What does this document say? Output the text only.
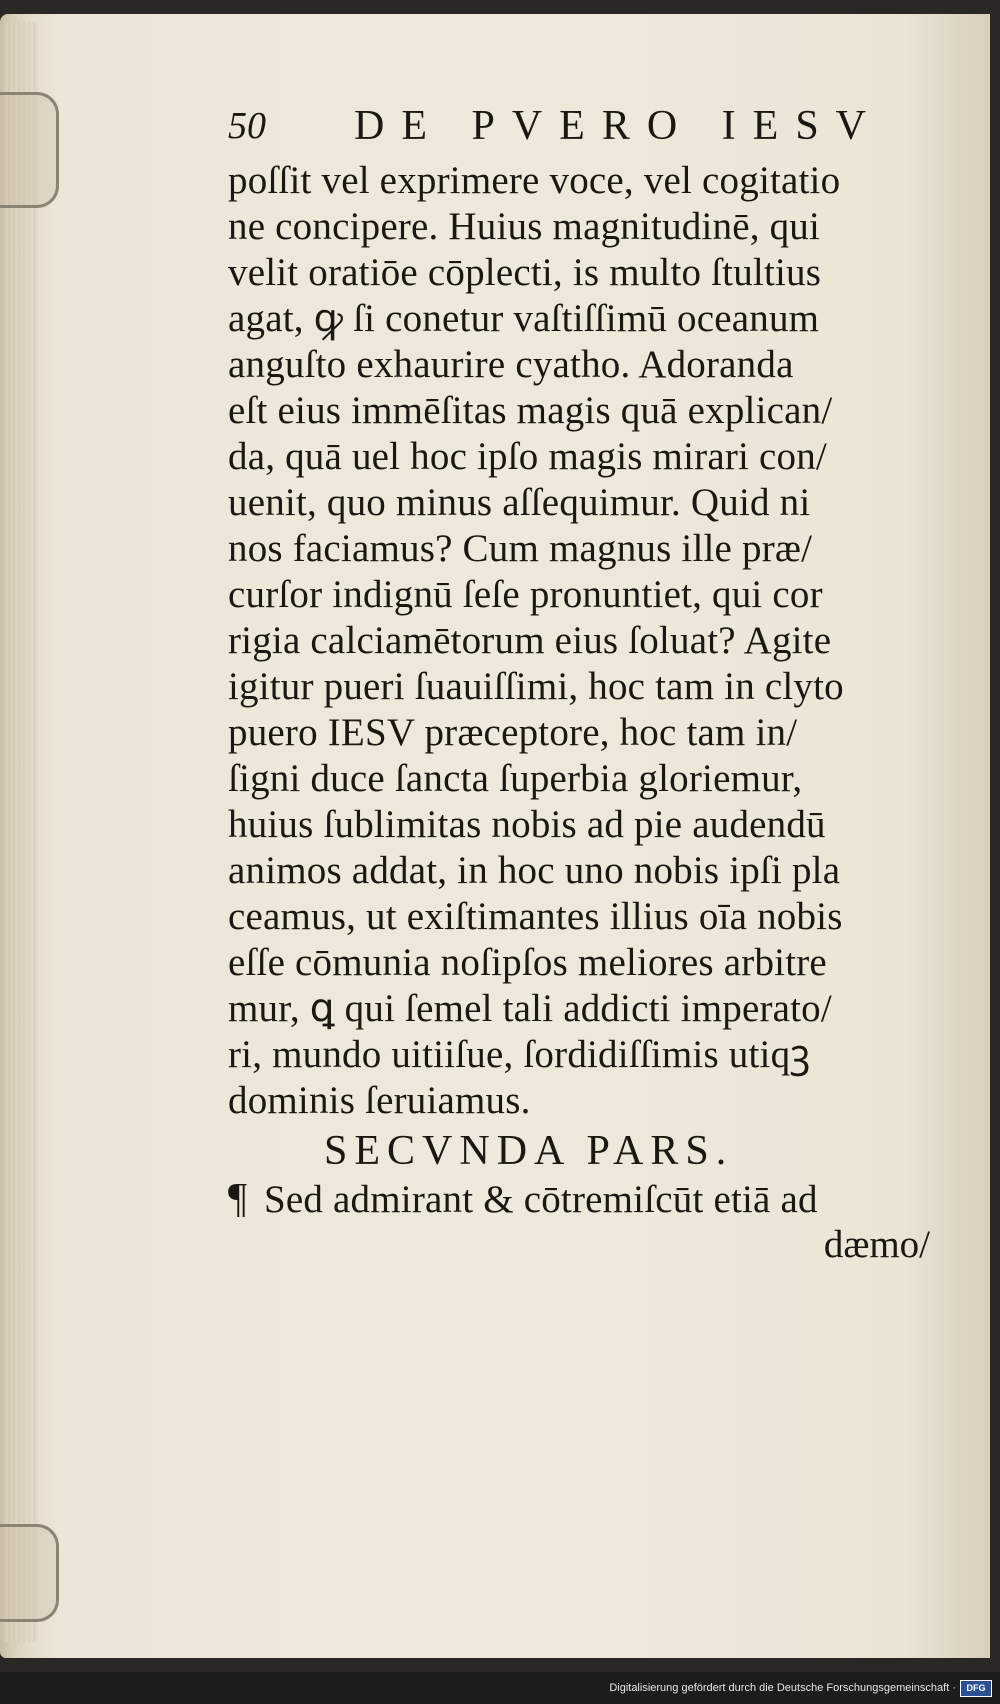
50 DE PVERO IESV
poſſit vel exprimere voce, vel cogitatio
ne concipere. Huius magnitudinē, qui
velit oratiōe cōplecti, is multo ſtultius
agat, ꝙ ſi conetur vaſtiſſimū oceanum
anguſto exhaurire cyatho. Adoranda
eſt eius immēſitas magis quā explican/
da, quā uel hoc ipſo magis mirari con/
uenit, quo minus aſſequimur. Quid ni
nos faciamus? Cum magnus ille præ/
curſor indignū ſeſe pronuntiet, qui cor
rigia calciamētorum eius ſoluat? Agite
igitur pueri ſuauiſſimi, hoc tam in clyto
puero IESV præceptore, hoc tam in/
ſigni duce ſancta ſuperbia gloriemur,
huius ſublimitas nobis ad pie audendū
animos addat, in hoc uno nobis ipſi pla
ceamus, ut exiſtimantes illius oīa nobis
eſſe cōmunia noſipſos meliores arbitre
mur, ꝗ qui ſemel tali addicti imperato/
ri, mundo uitiiſue, ſordidiſſimis utiqꝫ
dominis ſeruiamus.
SECVNDA PARS.
¶ Sed admirant & cōtremiſcūt etiā ad
dæmo/
Digitalisierung gefördert durch die Deutsche Forschungsgemeinschaft ·	DFG
